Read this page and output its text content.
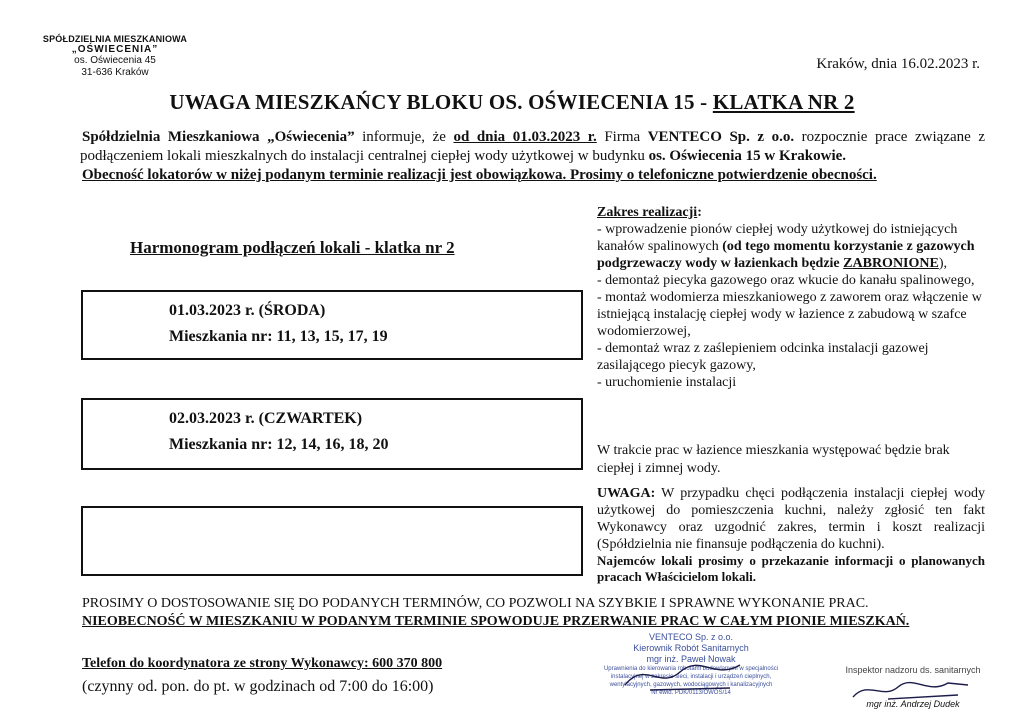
SPÓŁDZIELNIA MIESZKANIOWA
„OŚWIECENIA”
os. Oświecenia 45
31-636 Kraków
Kraków, dnia 16.02.2023 r.
UWAGA MIESZKAŃCY BLOKU OS. OŚWIECENIA 15 - KLATKA NR 2
Spółdzielnia Mieszkaniowa „Oświecenia” informuje, że od dnia 01.03.2023 r. Firma VENTECO Sp. z o.o. rozpocznie prace związane z podłączeniem lokali mieszkalnych do instalacji centralnej ciepłej wody użytkowej w budynku os. Oświecenia 15 w Krakowie.
Obecność lokatorów w niżej podanym terminie realizacji jest obowiązkowa. Prosimy o telefoniczne potwierdzenie obecności.
Harmonogram podłączeń lokali - klatka nr 2
01.03.2023 r. (ŚRODA)
Mieszkania nr: 11, 13, 15, 17, 19
02.03.2023 r. (CZWARTEK)
Mieszkania nr: 12, 14, 16, 18, 20
Zakres realizacji:
- wprowadzenie pionów ciepłej wody użytkowej do istniejących kanałów spalinowych (od tego momentu korzystanie z gazowych podgrzewaczy wody w łazienkach będzie ZABRONIONE),
- demontaż piecyka gazowego oraz wkucie do kanału spalinowego,
- montaż wodomierza mieszkaniowego z zaworem oraz włączenie w istniejącą instalację ciepłej wody w łazience z zabudową w szafce wodomierzowej,
- demontaż wraz z zaślepieniem odcinka instalacji gazowej zasilającego piecyk gazowy,
- uruchomienie instalacji
W trakcie prac w łazience mieszkania występować będzie brak ciepłej i zimnej wody.
UWAGA: W przypadku chęci podłączenia instalacji ciepłej wody użytkowej do pomieszczenia kuchni, należy zgłosić ten fakt Wykonawcy oraz uzgodnić zakres, termin i koszt realizacji (Spółdzielnia nie finansuje podłączenia do kuchni).
Najemców lokali prosimy o przekazanie informacji o planowanych pracach Właścicielom lokali.
PROSIMY O DOSTOSOWANIE SIĘ DO PODANYCH TERMINÓW, CO POZWOLI NA SZYBKIE I SPRAWNE WYKONANIE PRAC.
NIEOBECNOŚĆ W MIESZKANIU W PODANYM TERMINIE SPOWODUJE PRZERWANIE PRAC W CAŁYM PIONIE MIESZKAŃ.
Telefon do koordynatora ze strony Wykonawcy: 600 370 800
(czynny od. pon. do pt. w godzinach od 7:00 do 16:00)
VENTECO Sp. z o.o.
Kierownik Robót Sanitarnych
mgr inż. Paweł Nowak
Uprawnienia do kierowania robotami budowlanymi w specjalności instalacyjnej w zakresie sieci, instalacji i urządzeń cieplnych, wentylacyjnych, gazowych, wodociągowych i kanalizacyjnych
Nr ewid. PDK/0113/OWOS/14
Inspektor nadzoru ds. sanitarnych
mgr inż. Andrzej Dudek
